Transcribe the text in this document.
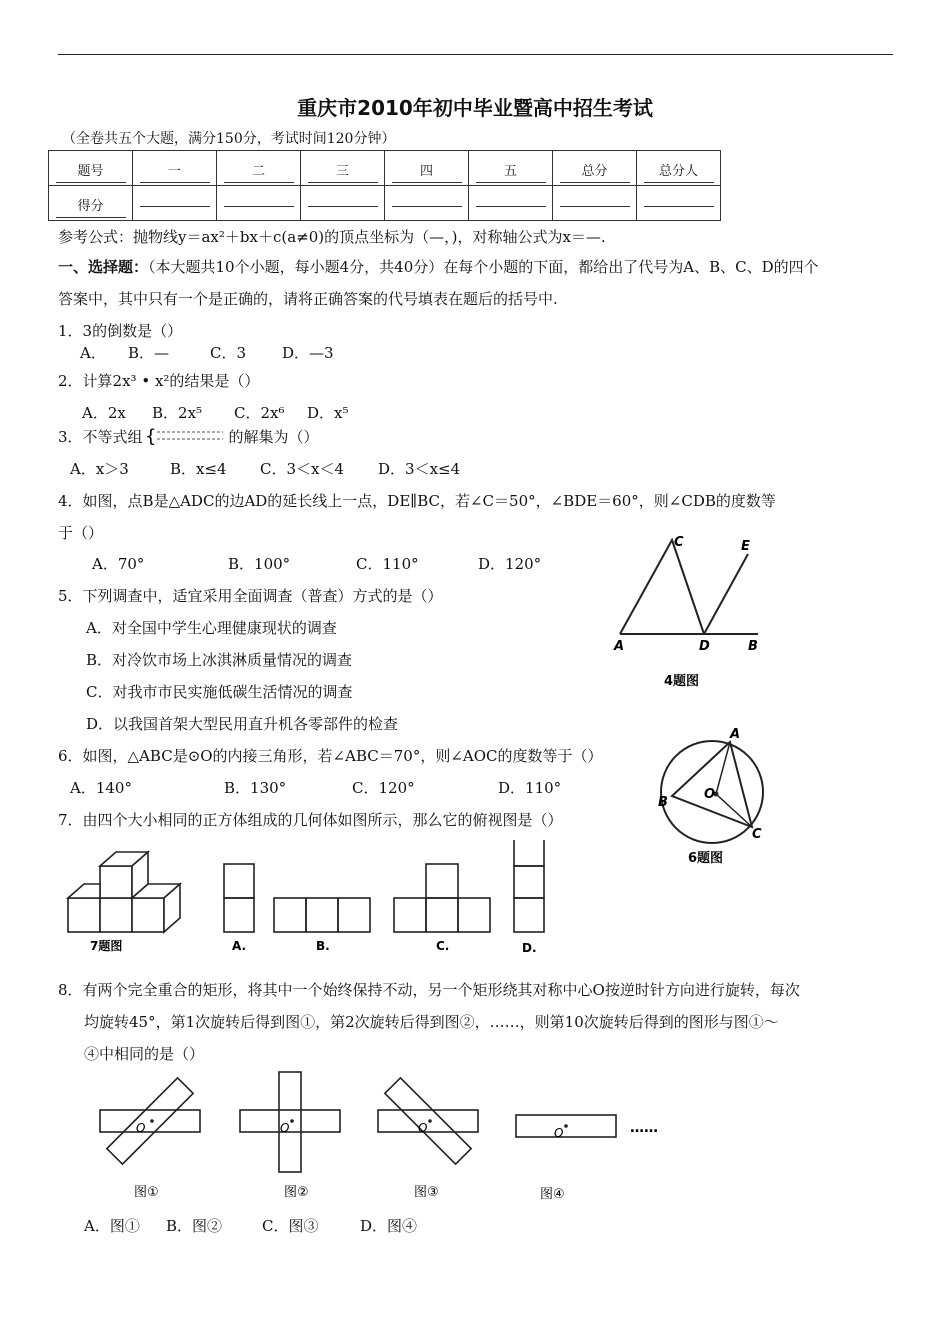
重庆市2010年初中毕业暨高中招生考试
（全卷共五个大题，满分150分，考试时间120分钟）
题号	一	二	三	四	五	总分	总分人
得分							
参考公式：抛物线y＝ax²＋bx＋c(a≠0)的顶点坐标为（—，)，对称轴公式为x＝—.
一、选择题：（本大题共10个小题，每小题4分，共40分）在每个小题的下面，都给出了代号为A、B、C、D的四个
答案中，其中只有一个是正确的，请将正确答案的代号填表在题后的括号中.
1．3的倒数是（）
A． B．—	C．3 D．—3
2．计算2x³ • x²的结果是（）
A．2x B．2x⁵ C．2x⁶ D．x⁵
3．不等式组 {	的解集为（）
A．x＞3	B．x≤4 C．3＜x＜4 D．3＜x≤4
4．如图，点B是△ADC的边AD的延长线上一点，DE∥BC，若∠C＝50°，∠BDE＝60°，则∠CDB的度数等
于（）
A．70°	B．100°	C．110°	D．120°
C	E
A	D	B
4题图
5．下列调查中，适宜采用全面调查（普查）方式的是（）
A．对全国中学生心理健康现状的调查
B．对冷饮市场上冰淇淋质量情况的调查
C．对我市市民实施低碳生活情况的调查
D．以我国首架大型民用直升机各零部件的检查
6．如图，△ABC是⊙O的内接三角形，若∠ABC＝70°，则∠AOC的度数等于（）
A．140°	B．130°	C．120°	D．110°
A
B
O
C
6题图
7．由四个大小相同的正方体组成的几何体如图所示，那么它的俯视图是（）
7题图	A.	B.	C.	D.
8．有两个完全重合的矩形，将其中一个始终保持不动，另一个矩形绕其对称中心O按逆时针方向进行旋转，每次
均旋转45°，第1次旋转后得到图①，第2次旋转后得到图②，……，则第10次旋转后得到的图形与图①～
④中相同的是（）
O
图①
O
图②
O
图③
O
图④
……
A．图① B．图②	C．图③	D．图④
